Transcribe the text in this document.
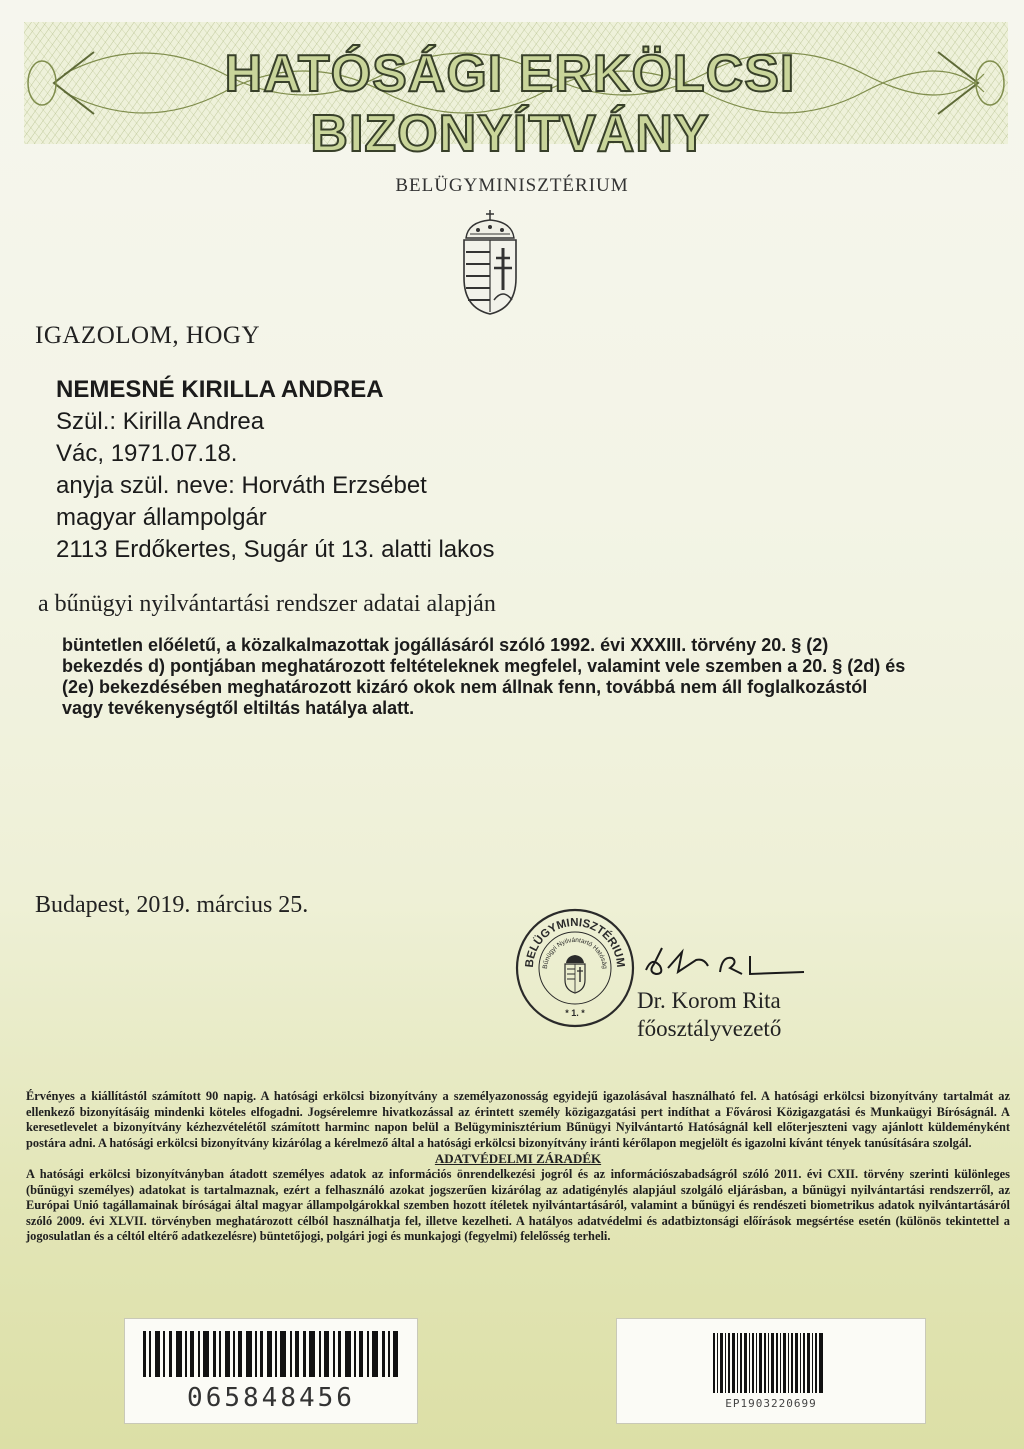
HATÓSÁGI ERKÖLCSI BIZONYÍTVÁNY
BELÜGYMINISZTÉRIUM
IGAZOLOM, HOGY
NEMESNÉ KIRILLA ANDREA
Szül.: Kirilla Andrea
Vác, 1971.07.18.
anyja szül. neve: Horváth Erzsébet
magyar állampolgár
2113 Erdőkertes, Sugár út 13. alatti lakos
a bűnügyi nyilvántartási rendszer adatai alapján
büntetlen előéletű, a közalkalmazottak jogállásáról szóló 1992. évi XXXIII. törvény 20. § (2) bekezdés d) pontjában meghatározott feltételeknek megfelel, valamint vele szemben a 20. § (2d) és (2e) bekezdésében meghatározott kizáró okok nem állnak fenn, továbbá nem áll foglalkozástól vagy tevékenységtől eltiltás hatálya alatt.
Budapest, 2019. március 25.
BELÜGYMINISZTÉRIUM
Bűnügyi Nyilvántartó Hatóság
* 1. * Dr. Korom Rita
főosztályvezető

Érvényes a kiállítástól számított 90 napig. A hatósági erkölcsi bizonyítvány a személyazonosság egyidejű igazolásával használható fel. A hatósági erkölcsi bizonyítvány tartalmát az ellenkező bizonyításáig mindenki köteles elfogadni. Jogsérelemre hivatkozással az érintett személy közigazgatási pert indíthat a Fővárosi Közigazgatási és Munkaügyi Bíróságnál. A keresetlevelet a bizonyítvány kézhezvételétől számított harminc napon belül a Belügyminisztérium Bűnügyi Nyilvántartó Hatóságnál kell előterjeszteni vagy ajánlott küldeményként postára adni. A hatósági erkölcsi bizonyítvány kizárólag a kérelmező által a hatósági erkölcsi bizonyítvány iránti kérőlapon megjelölt és igazolni kívánt tények tanúsítására szolgál.

ADATVÉDELMI ZÁRADÉK

A hatósági erkölcsi bizonyítványban átadott személyes adatok az információs önrendelkezési jogról és az információszabadságról szóló 2011. évi CXII. törvény szerinti különleges (bűnügyi személyes) adatokat is tartalmaznak, ezért a felhasználó azokat jogszerűen kizárólag az adatigénylés alapjául szolgáló eljárásban, a bűnügyi nyilvántartási rendszerről, az Európai Unió tagállamainak bíróságai által magyar állampolgárokkal szemben hozott ítéletek nyilvántartásáról, valamint a bűnügyi és rendészeti biometrikus adatok nyilvántartásáról szóló 2009. évi XLVII. törvényben meghatározott célból használhatja fel, illetve kezelheti. A hatályos adatvédelmi és adatbiztonsági előírások megsértése esetén (különös tekintettel a jogosulatlan és a céltól eltérő adatkezelésre) büntetőjogi, polgári jogi és munkajogi (fegyelmi) felelősség terheli.

065848456	EP1903220699
